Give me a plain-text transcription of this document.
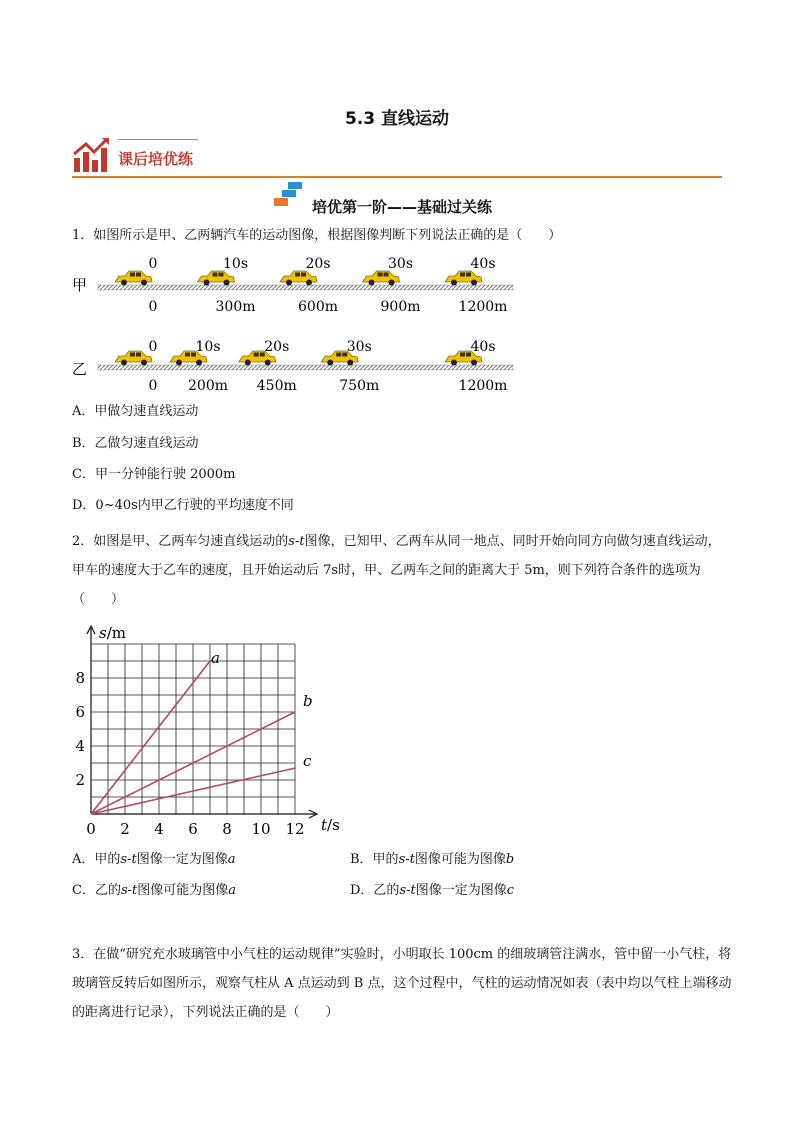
5.3 直线运动
课后培优练
培优第一阶——基础过关练
1．如图所示是甲、乙两辆汽车的运动图像，根据图像判断下列说法正确的是（　　）
甲
0
0
10s
300m
20s
600m
30s
900m
40s
1200m
乙
0
0
10s
200m
20s
450m
30s
750m
40s
1200m
A．甲做匀速直线运动
B．乙做匀速直线运动
C．甲一分钟能行驶 2000m
D．0~40s内甲乙行驶的平均速度不同
2．如图是甲、乙两车匀速直线运动的s-t图像，已知甲、乙两车从同一地点、同时开始向同方向做匀速直线运动，甲车的速度大于乙车的速度，且开始运动后 7s时，甲、乙两车之间的距离大于 5m，则下列符合条件的选项为（　　）
a
b
c
0 2 4 6 8 10 12
2
4
6
8
s/m
t/s
A．甲的s-t图像一定为图像a	B．甲的s-t图像可能为图像b
C．乙的s-t图像可能为图像a	D．乙的s-t图像一定为图像c
3．在做“研究充水玻璃管中小气柱的运动规律”实验时，小明取长 100cm 的细玻璃管注满水，管中留一小气柱，将玻璃管反转后如图所示，观察气柱从 A 点运动到 B 点，这个过程中，气柱的运动情况如表（表中均以气柱上端移动的距离进行记录），下列说法正确的是（　　）
